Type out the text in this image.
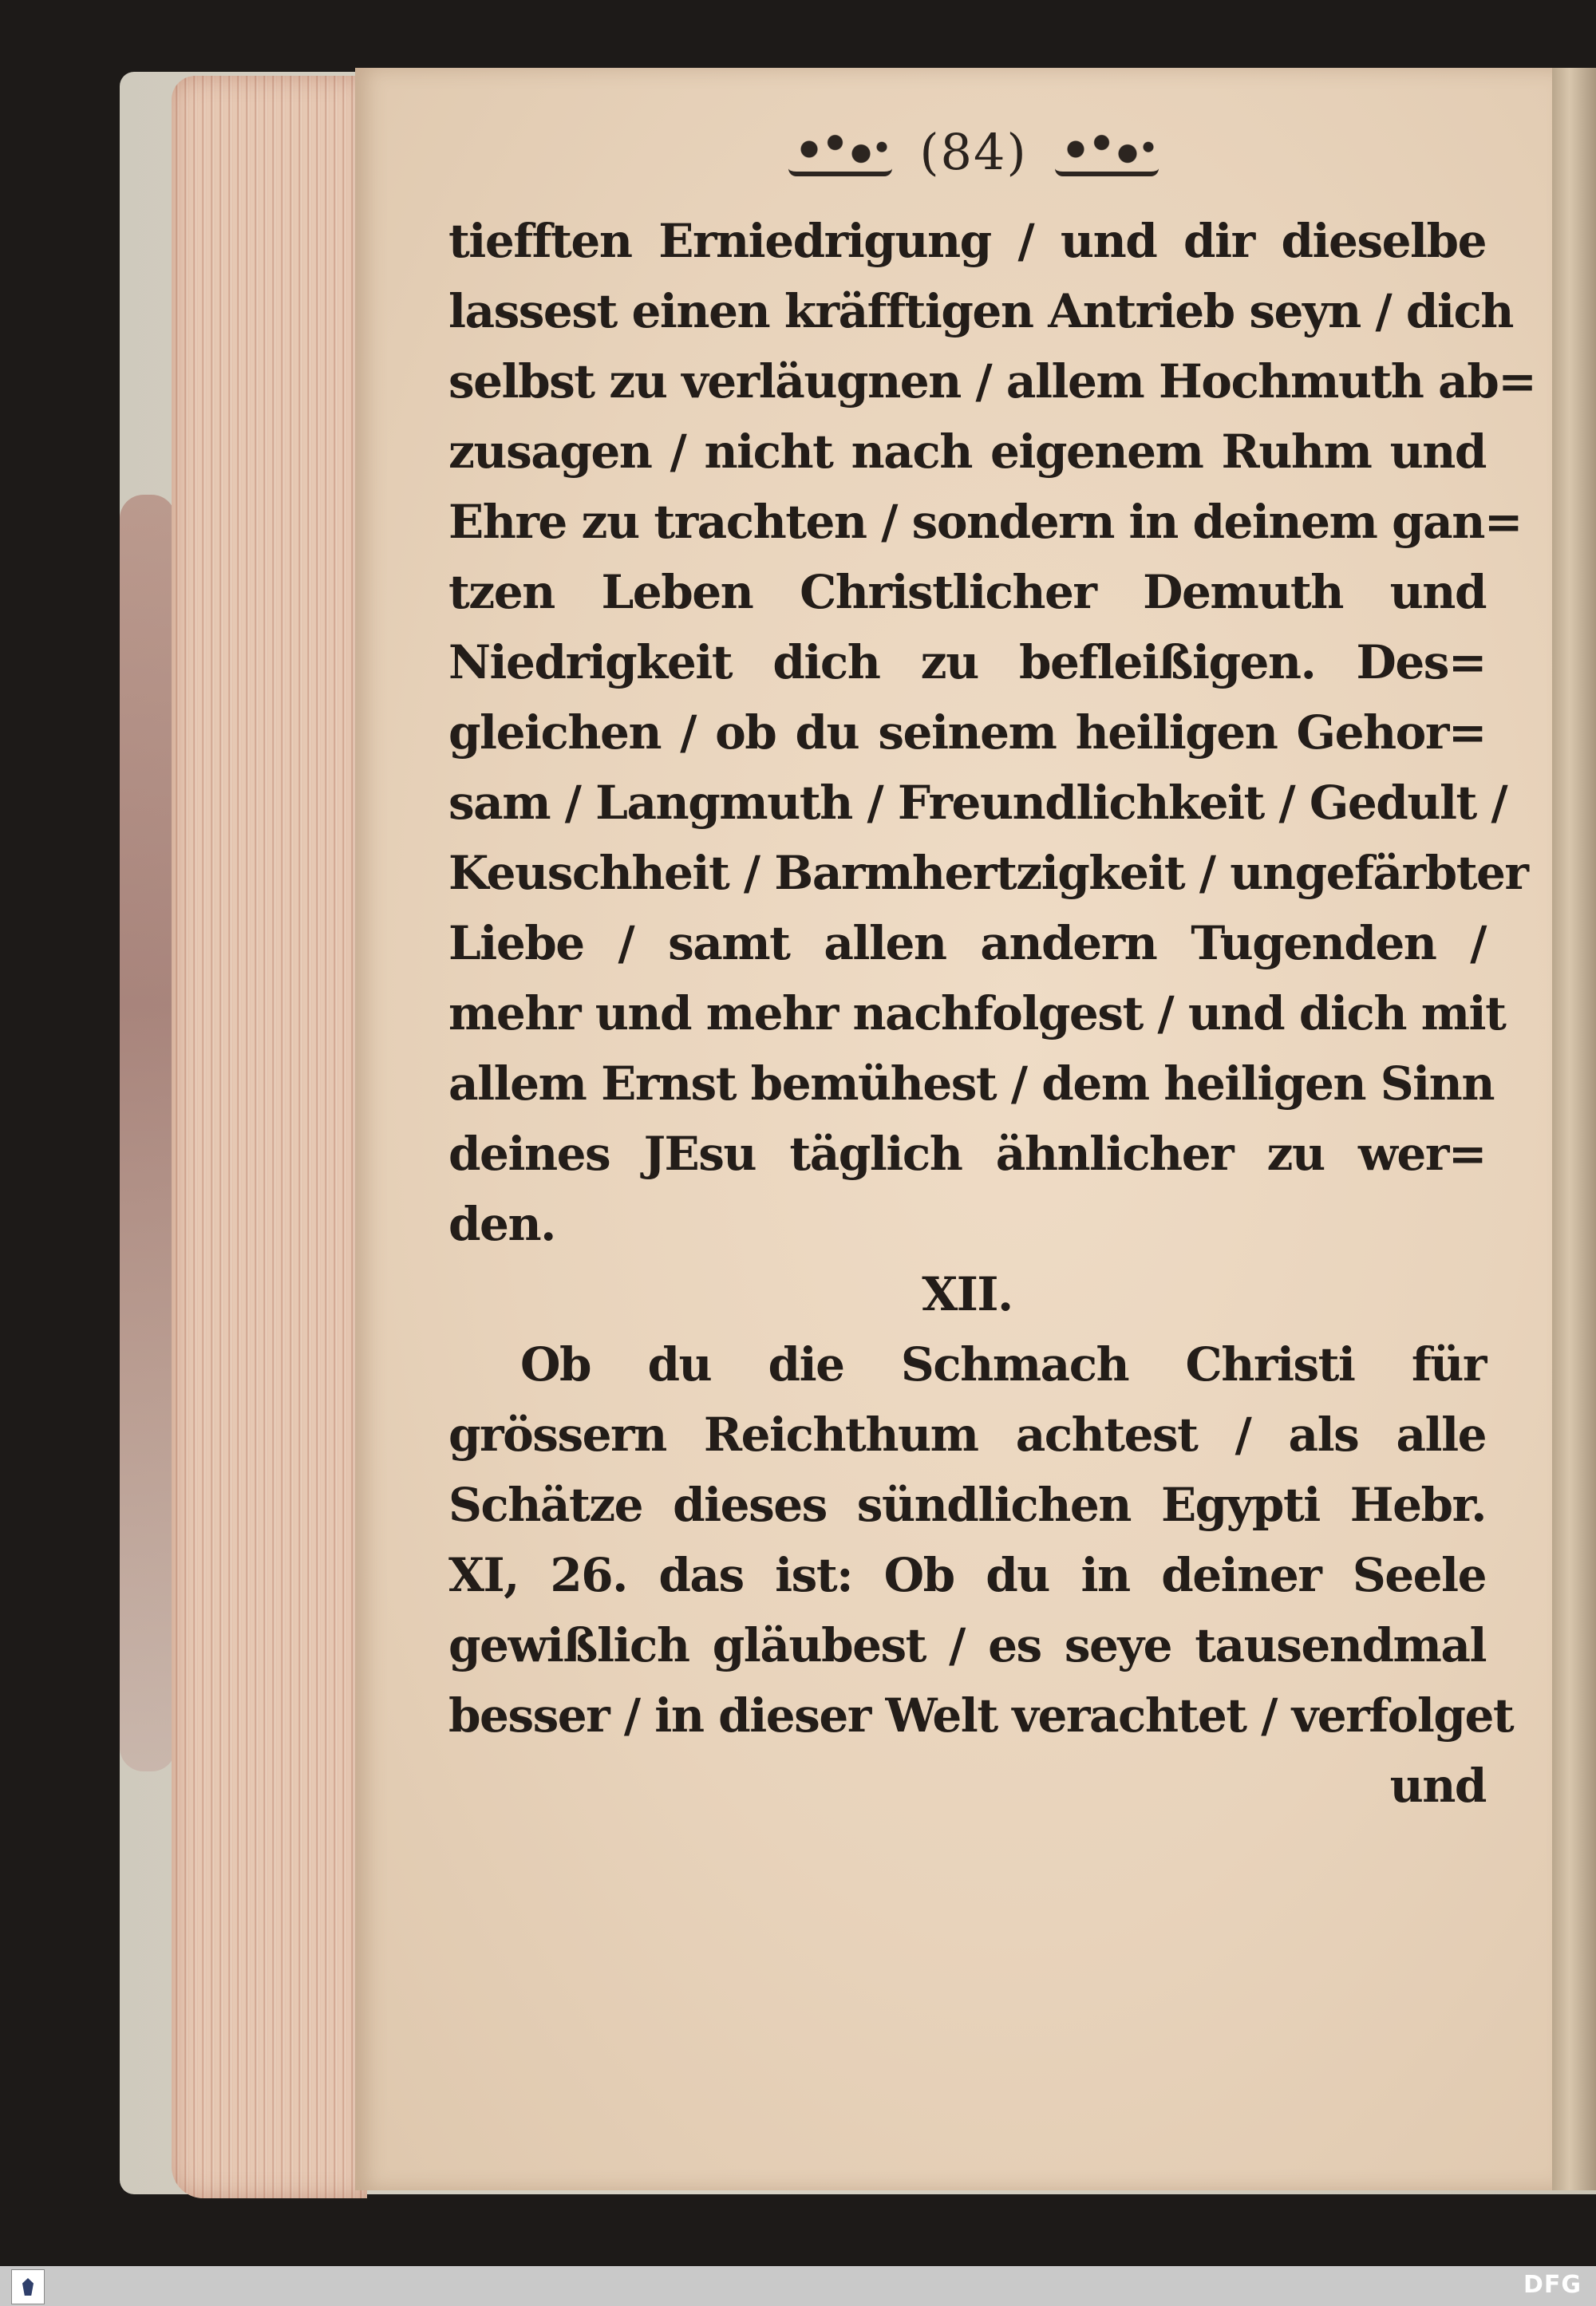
(84)
tiefften Erniedrigung / und dir dieselbe
lassest einen kräfftigen Antrieb seyn / dich
selbst zu verläugnen / allem Hochmuth ab=
zusagen / nicht nach eigenem Ruhm und
Ehre zu trachten / sondern in deinem gan=
tzen Leben Christlicher Demuth und
Niedrigkeit dich zu befleißigen. Des=
gleichen / ob du seinem heiligen Gehor=
sam / Langmuth / Freundlichkeit / Gedult /
Keuschheit / Barmhertzigkeit / ungefärbter
Liebe / samt allen andern Tugenden /
mehr und mehr nachfolgest / und dich mit
allem Ernst bemühest / dem heiligen Sinn
deines JEsu täglich ähnlicher zu wer=
den.
XII.
Ob du die Schmach Christi für
grössern Reichthum achtest / als alle
Schätze dieses sündlichen Egypti Hebr.
XI, 26. das ist: Ob du in deiner Seele
gewißlich gläubest / es seye tausendmal
besser / in dieser Welt verachtet / verfolget
und
DFG
